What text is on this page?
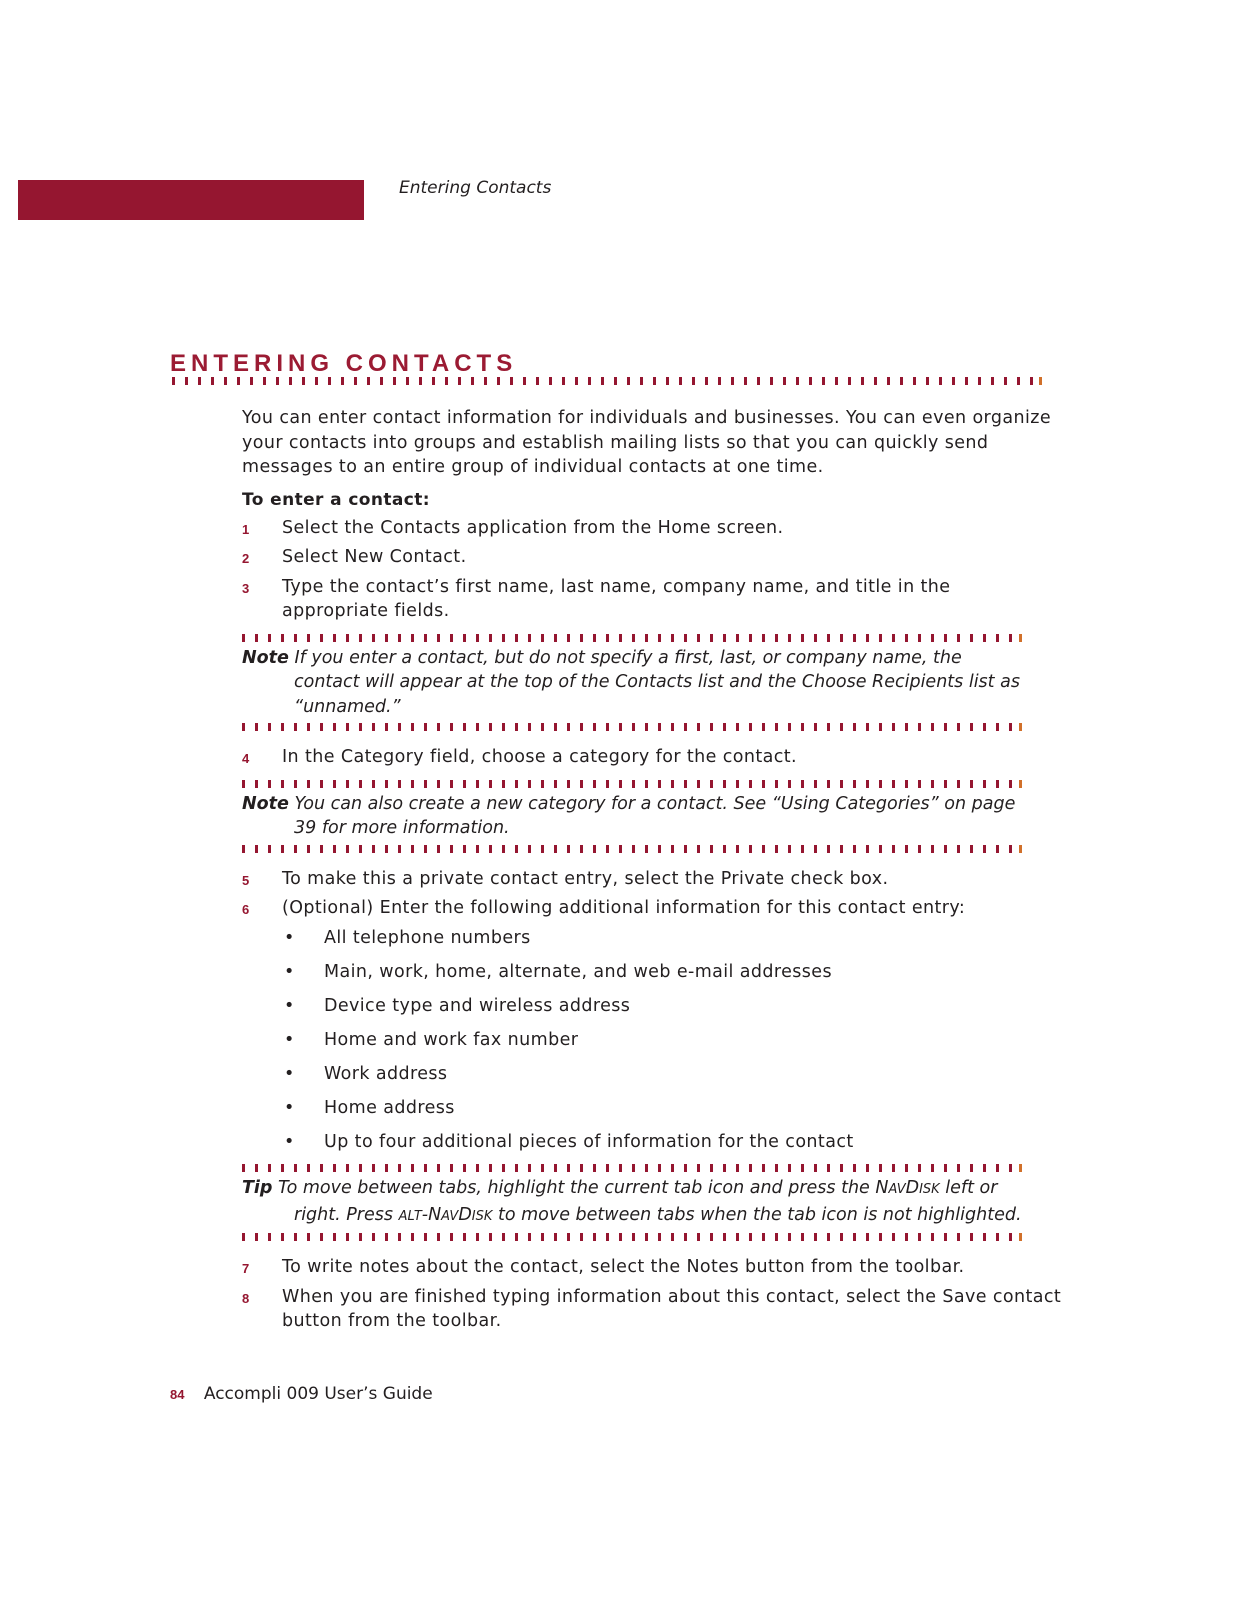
Entering Contacts
ENTERING CONTACTS

You can enter contact information for individuals and businesses. You can even organize your contacts into groups and establish mailing lists so that you can quickly send messages to an entire group of individual contacts at one time.

To enter a contact:

1 Select the Contacts application from the Home screen.
2 Select New Contact.
3 Type the contact’s first name, last name, company name, and title in the appropriate fields.

Note If you enter a contact, but do not specify a first, last, or company name, the contact will appear at the top of the Contacts list and the Choose Recipients list as “unnamed.”

4 In the Category field, choose a category for the contact.

Note You can also create a new category for a contact. See “Using Categories” on page 39 for more information.

5 To make this a private contact entry, select the Private check box.
6 (Optional) Enter the following additional information for this contact entry:
• All telephone numbers
• Main, work, home, alternate, and web e-mail addresses
• Device type and wireless address
• Home and work fax number
• Work address
• Home address
• Up to four additional pieces of information for the contact

Tip To move between tabs, highlight the current tab icon and press the NAVDISK left or right. Press ALT-NAVDISK to move between tabs when the tab icon is not highlighted.

7 To write notes about the contact, select the Notes button from the toolbar.
8 When you are finished typing information about this contact, select the Save contact button from the toolbar.
84 Accompli 009 User’s Guide
